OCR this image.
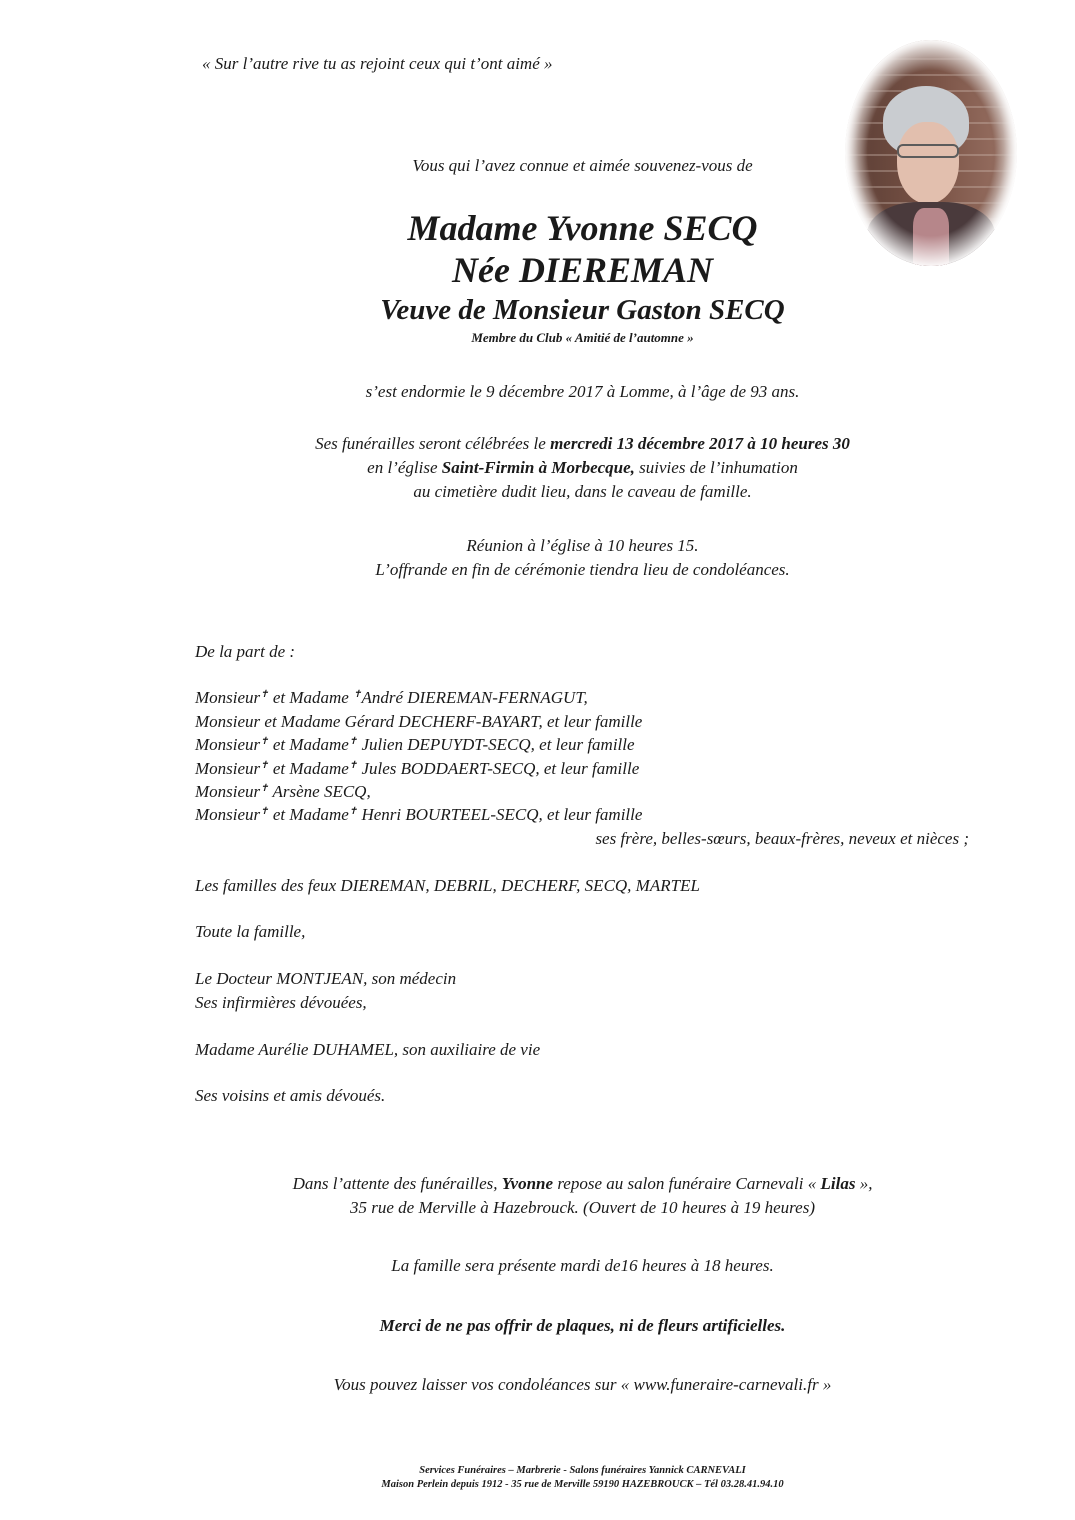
« Sur l’autre rive tu as rejoint ceux qui t’ont aimé »
Vous qui l’avez connue et aimée souvenez-vous de
Madame Yvonne SECQ
Née DIEREMAN
Veuve de Monsieur Gaston SECQ
Membre du Club « Amitié de l’automne »
s’est endormie le 9 décembre 2017 à Lomme, à l’âge de 93 ans.
Ses funérailles seront célébrées le mercredi 13 décembre 2017 à 10 heures 30
en l’église Saint-Firmin à Morbecque, suivies de l’inhumation
au cimetière dudit lieu, dans le caveau de famille.
Réunion à l’église à 10 heures 15.
L’offrande en fin de cérémonie tiendra lieu de condoléances.
De la part de :
Monsieur✝ et Madame ✝André DIEREMAN-FERNAGUT,
Monsieur et Madame Gérard DECHERF-BAYART, et leur famille
Monsieur✝ et Madame✝ Julien DEPUYDT-SECQ, et leur famille
Monsieur✝ et Madame✝ Jules BODDAERT-SECQ, et leur famille
Monsieur✝ Arsène SECQ,
Monsieur✝ et Madame✝ Henri BOURTEEL-SECQ, et leur famille
ses frère, belles-sœurs, beaux-frères, neveux et nièces ;
Les familles des feux DIEREMAN, DEBRIL, DECHERF, SECQ, MARTEL
Toute la famille,
Le Docteur MONTJEAN, son médecin
Ses infirmières dévouées,
Madame Aurélie DUHAMEL, son auxiliaire de vie
Ses voisins et amis dévoués.
Dans l’attente des funérailles, Yvonne repose au salon funéraire Carnevali « Lilas »,
35 rue de Merville à Hazebrouck. (Ouvert de 10 heures à 19 heures)
La famille sera présente mardi de16 heures à 18 heures.
Merci de ne pas offrir de plaques, ni de fleurs artificielles.
Vous pouvez laisser vos condoléances sur « www.funeraire-carnevali.fr »
Services Funéraires – Marbrerie - Salons funéraires Yannick CARNEVALI
Maison Perlein depuis 1912 - 35 rue de Merville 59190 HAZEBROUCK – Tél 03.28.41.94.10
